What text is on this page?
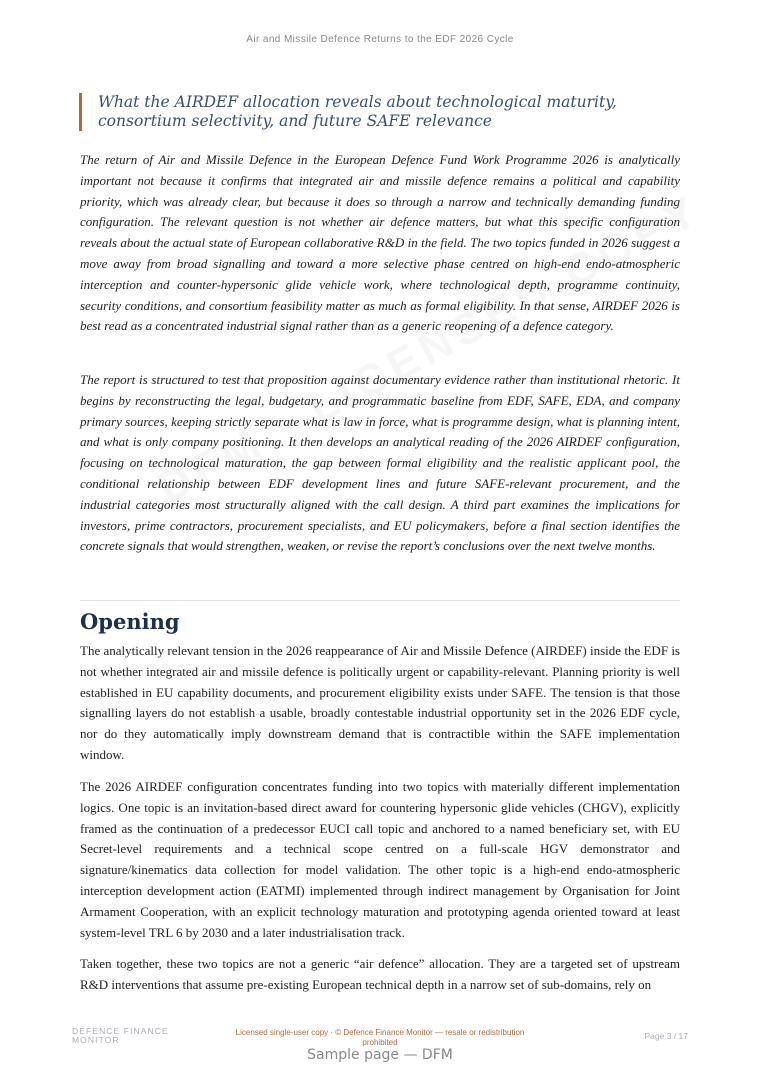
Air and Missile Defence Returns to the EDF 2026 Cycle
What the AIRDEF allocation reveals about technological maturity, consortium selectivity, and future SAFE relevance

The return of Air and Missile Defence in the European Defence Fund Work Programme 2026 is analytically important not because it confirms that integrated air and missile defence remains a political and capability priority, which was already clear, but because it does so through a narrow and technically demanding funding configuration. The relevant question is not whether air defence matters, but what this specific configuration reveals about the actual state of European collaborative R&D in the field. The two topics funded in 2026 suggest a move away from broad signalling and toward a more selective phase centred on high-end endo-atmospheric interception and counter-hypersonic glide vehicle work, where technological depth, programme continuity, security conditions, and consortium feasibility matter as much as formal eligibility. In that sense, AIRDEF 2026 is best read as a concentrated industrial signal rather than as a generic reopening of a defence category.

The report is structured to test that proposition against documentary evidence rather than institutional rhetoric. It begins by reconstructing the legal, budgetary, and programmatic baseline from EDF, SAFE, EDA, and company primary sources, keeping strictly separate what is law in force, what is programme design, what is planning intent, and what is only company positioning. It then develops an analytical reading of the 2026 AIRDEF configuration, focusing on technological maturation, the gap between formal eligibility and the realistic applicant pool, the conditional relationship between EDF development lines and future SAFE-relevant procurement, and the industrial categories most structurally aligned with the call design. A third part examines the implications for investors, prime contractors, procurement specialists, and EU policymakers, before a final section identifies the concrete signals that would strengthen, weaken, or revise the report’s conclusions over the next twelve months.

Opening

The analytically relevant tension in the 2026 reappearance of Air and Missile Defence (AIRDEF) inside the EDF is not whether integrated air and missile defence is politically urgent or capability-relevant. Planning priority is well established in EU capability documents, and procurement eligibility exists under SAFE. The tension is that those signalling layers do not establish a usable, broadly contestable industrial opportunity set in the 2026 EDF cycle, nor do they automatically imply downstream demand that is contractible within the SAFE implementation window.

The 2026 AIRDEF configuration concentrates funding into two topics with materially different implementation logics. One topic is an invitation-based direct award for countering hypersonic glide vehicles (CHGV), explicitly framed as the continuation of a predecessor EUCI call topic and anchored to a named beneficiary set, with EU Secret-level requirements and a technical scope centred on a full-scale HGV demonstrator and signature/kinematics data collection for model validation. The other topic is a high-end endo-atmospheric interception development action (EATMI) implemented through indirect management by Organisation for Joint Armament Cooperation, with an explicit technology maturation and prototyping agenda oriented toward at least system-level TRL 6 by 2030 and a later industrialisation track.

Taken together, these two topics are not a generic “air defence” allocation. They are a targeted set of upstream R&D interventions that assume pre-existing European technical depth in a narrow set of sub-domains, rely on

DEFENCE FINANCE MONITOR
Licensed single-user copy · © Defence Finance Monitor — resale or redistribution prohibited
Page 3 / 17
Sample page — DFM
